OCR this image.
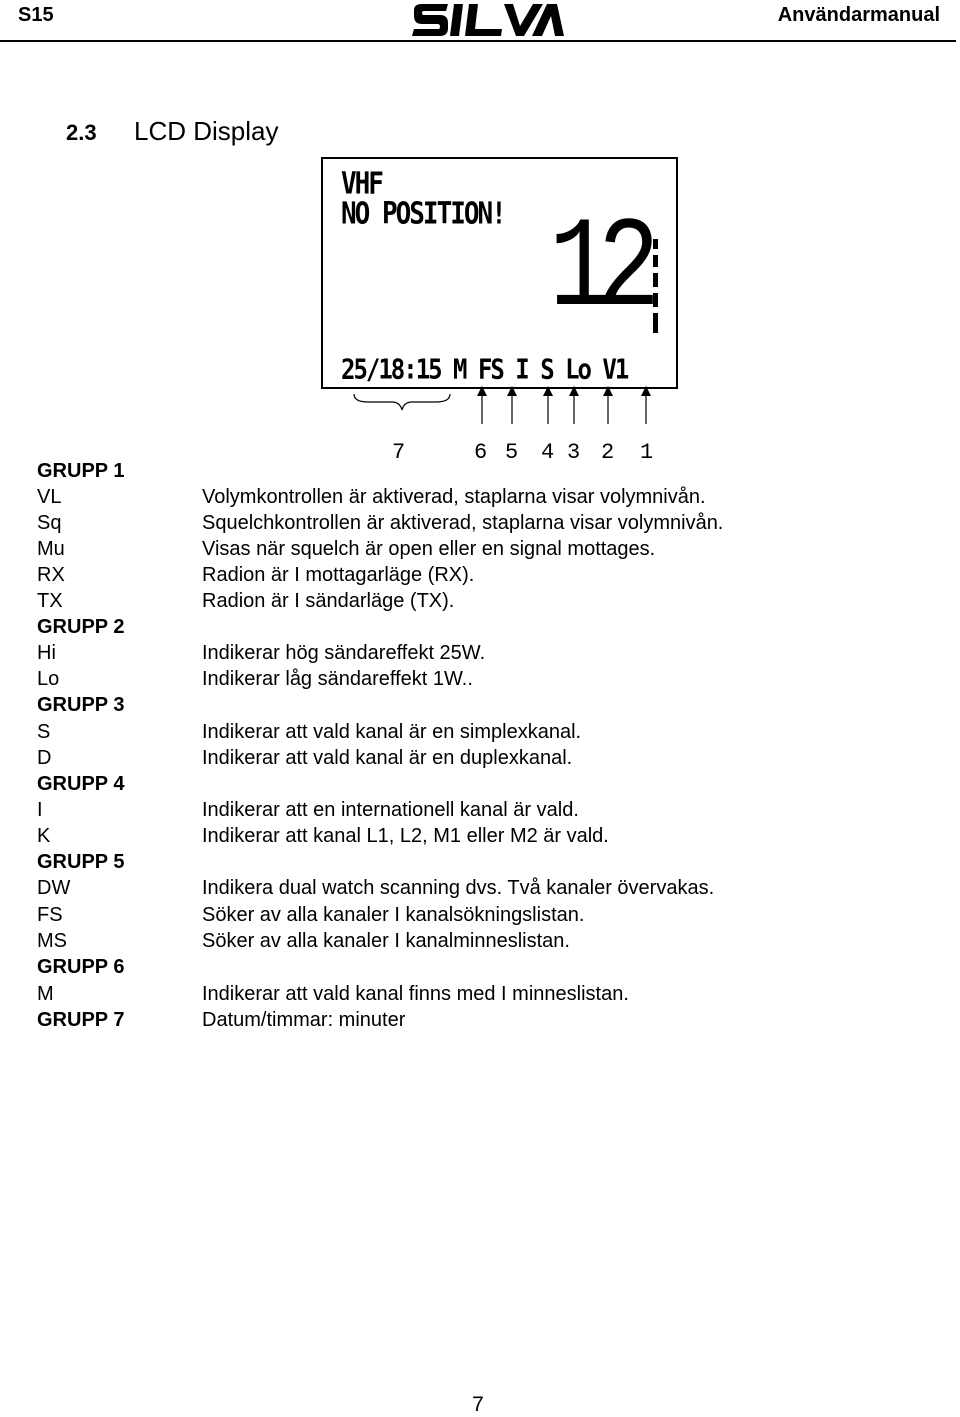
S15	Användarmanual
2.3 LCD Display
VHF
NO POSITION! 12
25/18:15 M FS I S Lo V1
7	6 5 4 3 2 1
GRUPP 1
VL	Volymkontrollen är aktiverad, staplarna visar volymnivån.
Sq	Squelchkontrollen är aktiverad, staplarna visar volymnivån.
Mu	Visas när squelch är open eller en signal mottages.
RX	Radion är I mottagarläge (RX).
TX	Radion är I sändarläge (TX).
GRUPP 2
Hi	Indikerar hög sändareffekt 25W.
Lo	Indikerar låg sändareffekt 1W..
GRUPP 3
S	Indikerar att vald kanal är en simplexkanal.
D	Indikerar att vald kanal är en duplexkanal.
GRUPP 4
I	Indikerar att en internationell kanal är vald.
K	Indikerar att kanal L1, L2, M1 eller M2 är vald.
GRUPP 5
DW	Indikera dual watch scanning dvs. Två kanaler övervakas.
FS	Söker av alla kanaler I kanalsökningslistan.
MS	Söker av alla kanaler I kanalminneslistan.
GRUPP 6
M	Indikerar att vald kanal finns med I minneslistan.
GRUPP 7	Datum/timmar: minuter
7
